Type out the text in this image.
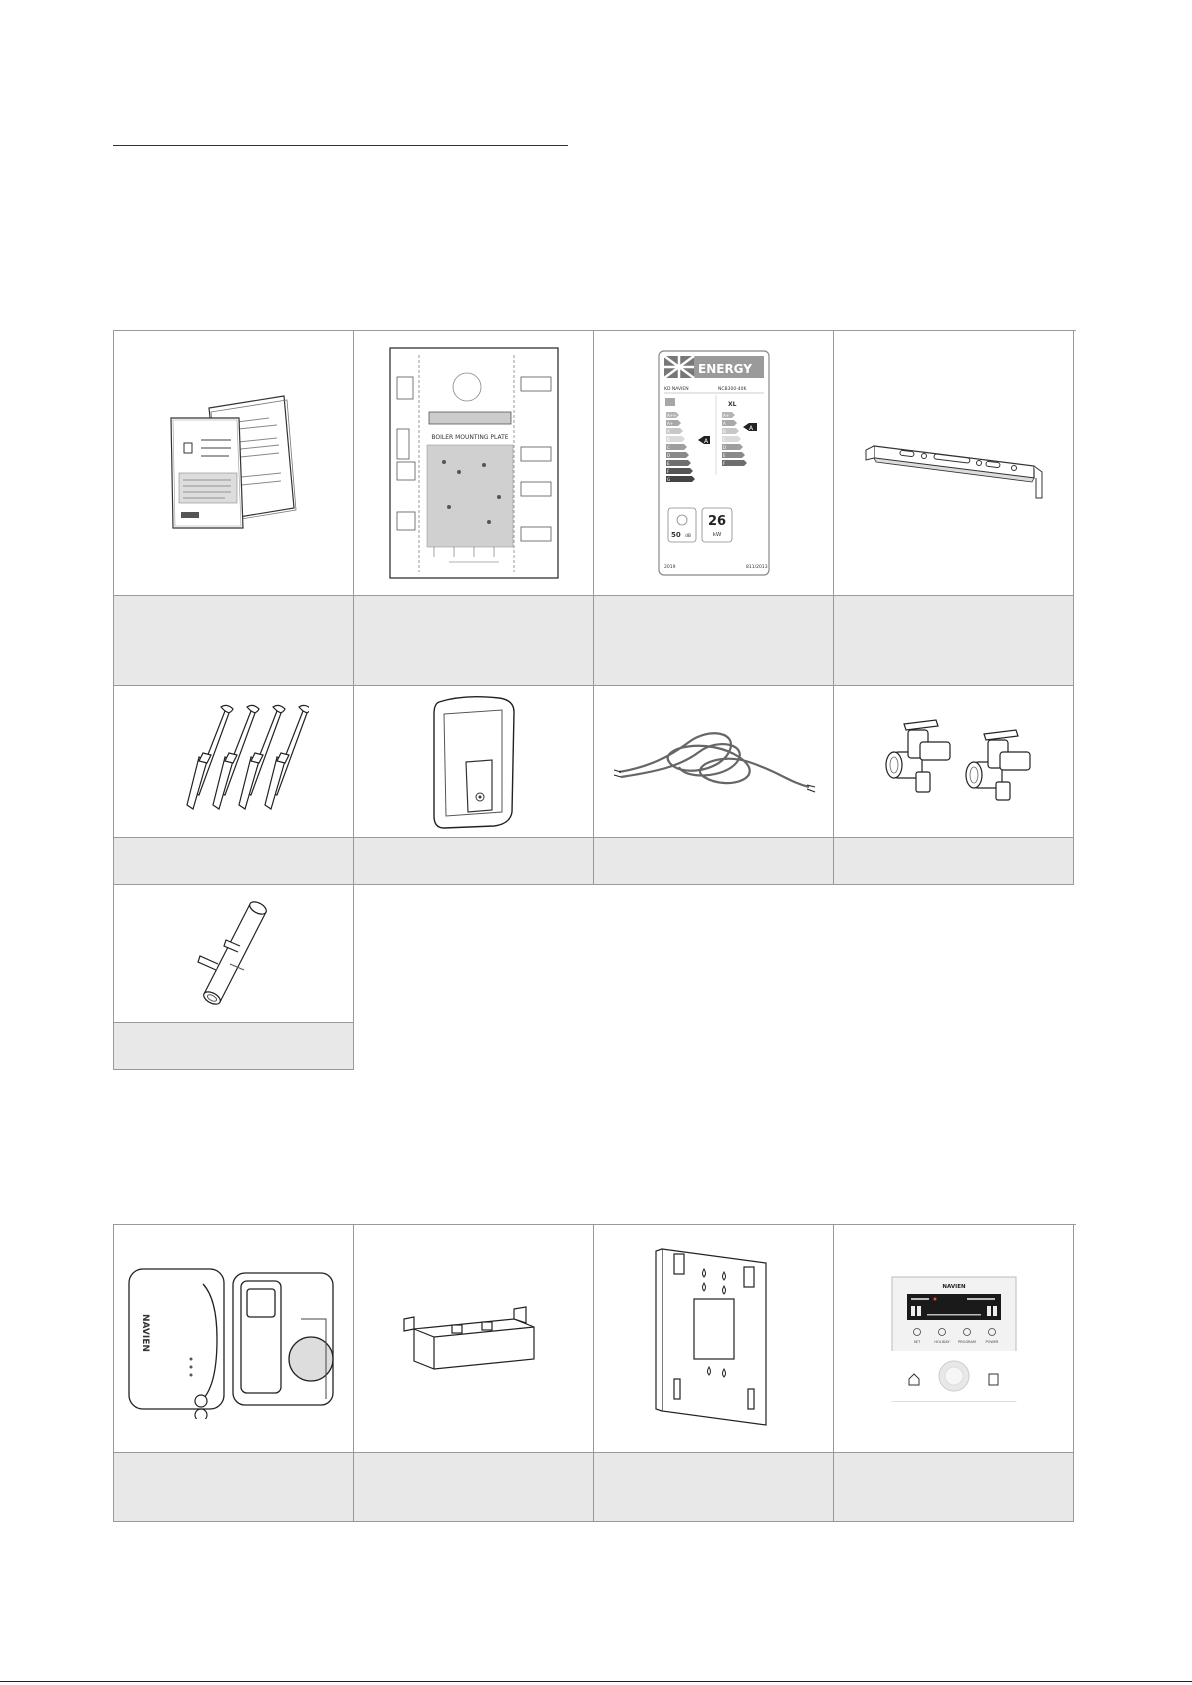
BOILER MOUNTING PLATE
ENERGY
KD NAVIEN	NCB300-40K
XL
A++
A+
A
B
C
D
E
F
G
A+
A
B
C
D
E
F
A
A
50 dB
26
kW
2019	811/2013
NAVIEN
NAVIEN
SET	HOLIDAY PROGRAM	POWER
